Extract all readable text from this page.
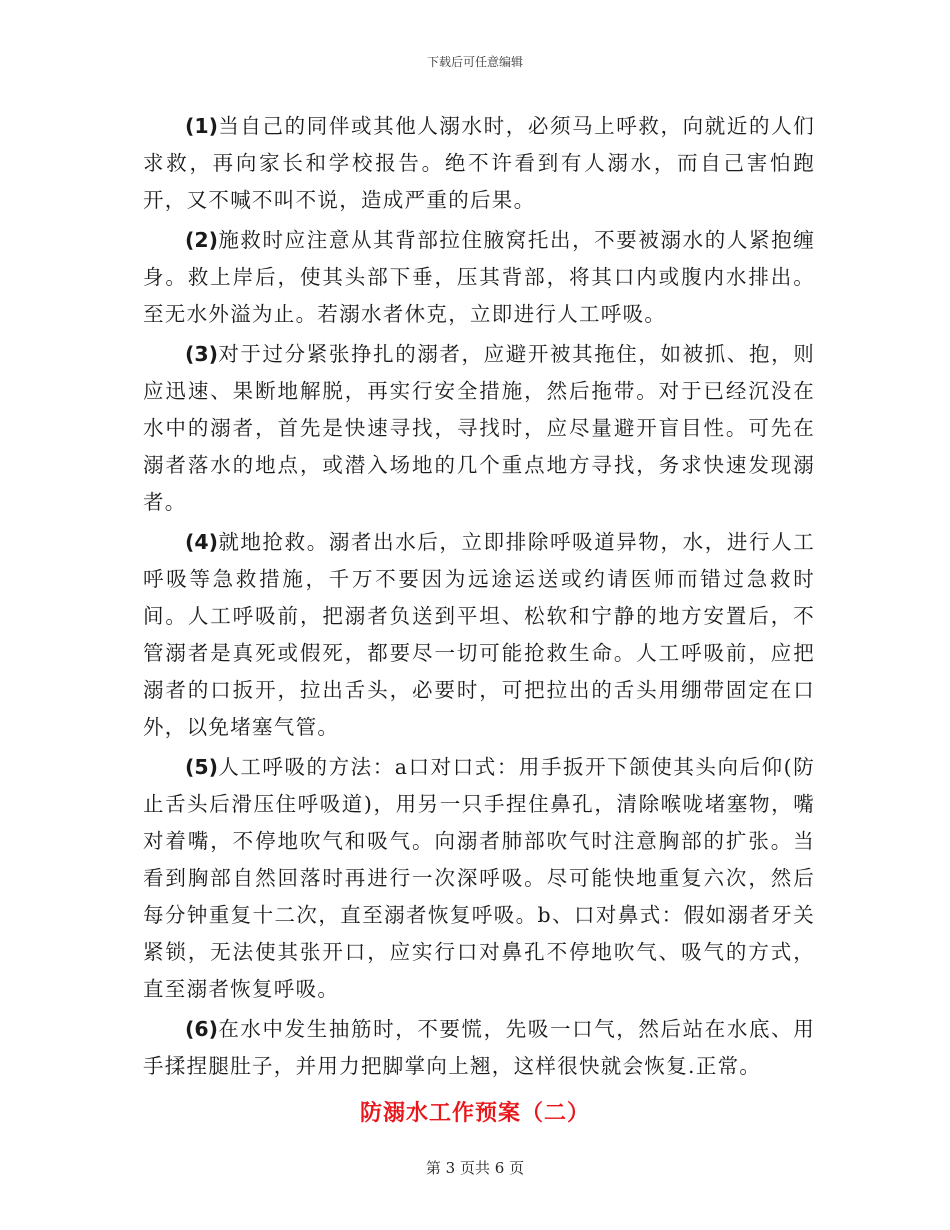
下载后可任意编辑

(1)当自己的同伴或其他人溺水时，必须马上呼救，向就近的人们求救，再向家长和学校报告。绝不许看到有人溺水，而自己害怕跑开，又不喊不叫不说，造成严重的后果。

(2)施救时应注意从其背部拉住腋窝托出，不要被溺水的人紧抱缠身。救上岸后，使其头部下垂，压其背部，将其口内或腹内水排出。至无水外溢为止。若溺水者休克，立即进行人工呼吸。

(3)对于过分紧张挣扎的溺者，应避开被其拖住，如被抓、抱，则应迅速、果断地解脱，再实行安全措施，然后拖带。对于已经沉没在水中的溺者，首先是快速寻找，寻找时，应尽量避开盲目性。可先在溺者落水的地点，或潜入场地的几个重点地方寻找，务求快速发现溺者。

(4)就地抢救。溺者出水后，立即排除呼吸道异物，水，进行人工呼吸等急救措施，千万不要因为远途运送或约请医师而错过急救时间。人工呼吸前，把溺者负送到平坦、松软和宁静的地方安置后，不管溺者是真死或假死，都要尽一切可能抢救生命。人工呼吸前，应把溺者的口扳开，拉出舌头，必要时，可把拉出的舌头用绷带固定在口外，以免堵塞气管。

(5)人工呼吸的方法：a口对口式：用手扳开下颌使其头向后仰(防止舌头后滑压住呼吸道)，用另一只手捏住鼻孔，清除喉咙堵塞物，嘴对着嘴，不停地吹气和吸气。向溺者肺部吹气时注意胸部的扩张。当看到胸部自然回落时再进行一次深呼吸。尽可能快地重复六次，然后每分钟重复十二次，直至溺者恢复呼吸。b、口对鼻式：假如溺者牙关紧锁，无法使其张开口，应实行口对鼻孔不停地吹气、吸气的方式，直至溺者恢复呼吸。

(6)在水中发生抽筋时，不要慌，先吸一口气，然后站在水底、用手揉捏腿肚子，并用力把脚掌向上翘，这样很快就会恢复.正常。

防溺水工作预案（二）
第 3 页共 6 页
